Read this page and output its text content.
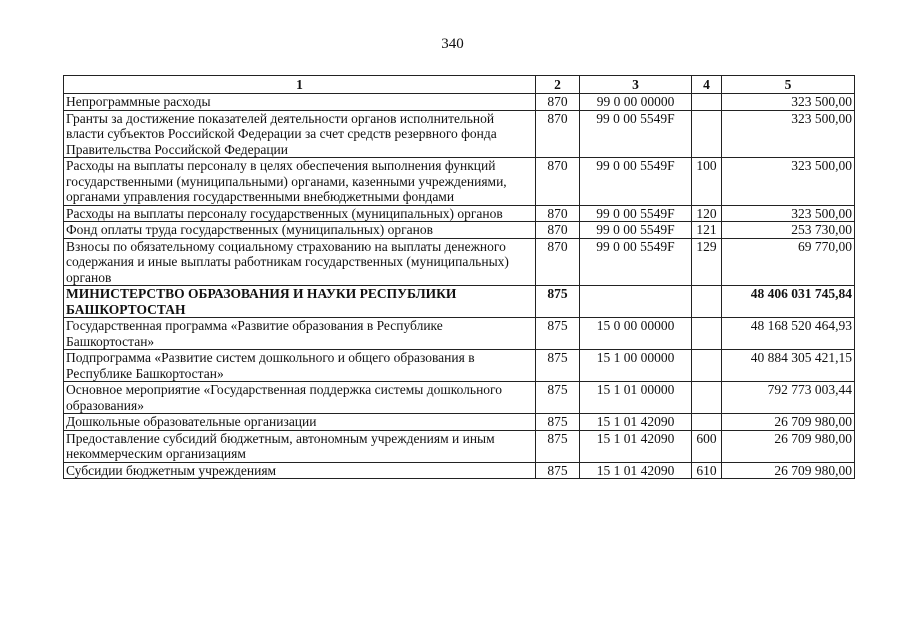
340
1	2	3	4	5
Непрограммные расходы	870	99 0 00 00000		323 500,00
Гранты за достижение показателей деятельности органов исполнительной власти субъектов Российской Федерации за счет средств резервного фонда Правительства Российской Федерации	870	99 0 00 5549F		323 500,00
Расходы на выплаты персоналу в целях обеспечения выполнения функций государственными (муниципальными) органами, казенными учреждениями, органами управления государственными внебюджетными фондами	870	99 0 00 5549F	100	323 500,00
Расходы на выплаты персоналу государственных (муниципальных) органов	870	99 0 00 5549F	120	323 500,00
Фонд оплаты труда государственных (муниципальных) органов	870	99 0 00 5549F	121	253 730,00
Взносы по обязательному социальному страхованию на выплаты денежного содержания и иные выплаты работникам государственных (муниципальных) органов	870	99 0 00 5549F	129	69 770,00
МИНИСТЕРСТВО ОБРАЗОВАНИЯ И НАУКИ РЕСПУБЛИКИ БАШКОРТОСТАН	875			48 406 031 745,84
Государственная программа «Развитие образования в Республике Башкортостан»	875	15 0 00 00000		48 168 520 464,93
Подпрограмма «Развитие систем дошкольного и общего образования в Республике Башкортостан»	875	15 1 00 00000		40 884 305 421,15
Основное мероприятие «Государственная поддержка системы дошкольного образования»	875	15 1 01 00000		792 773 003,44
Дошкольные образовательные организации	875	15 1 01 42090		26 709 980,00
Предоставление субсидий бюджетным, автономным учреждениям и иным некоммерческим организациям	875	15 1 01 42090	600	26 709 980,00
Субсидии бюджетным учреждениям	875	15 1 01 42090	610	26 709 980,00
